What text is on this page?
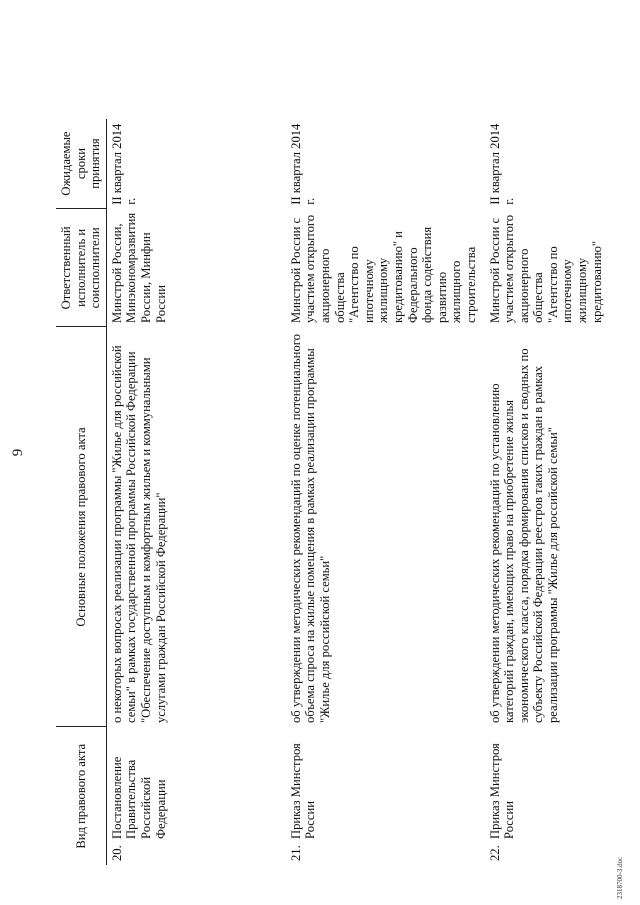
9
Вид правового акта	Основные положения правового акта	Ответственный исполнитель и соисполнители	Ожидаемые сроки принятия
20.Постановление Правительства Российской Федерации	о некоторых вопросах реализации программы "Жилье для российской семьи" в рамках государственной программы Российской Федерации "Обеспечение доступным и комфортным жильем и коммунальными услугами граждан Российской Федерации"	Минстрой России, Минэкономразвития России, Минфин России	II квартал 2014 г.
21.Приказ Минстроя России	об утверждении методических рекомендаций по оценке потенциального объема спроса на жилые помещения в рамках реализации программы "Жилье для российской семьи"	Минстрой России с участием открытого акционерного общества "Агентство по ипотечному жилищному кредитованию" и Федерального фонда содействия развитию жилищного строительства	II квартал 2014 г.
22.Приказ Минстроя России	об утверждении методических рекомендаций по установлению категорий граждан, имеющих право на приобретение жилья экономического класса, порядка формирования списков и сводных по субъекту Российской Федерации реестров таких граждан в рамках реализации программы "Жилье для российской семьи"	Минстрой России с участием открытого акционерного общества "Агентство по ипотечному жилищному кредитованию"	II квартал 2014 г.
2318700-3.doc
